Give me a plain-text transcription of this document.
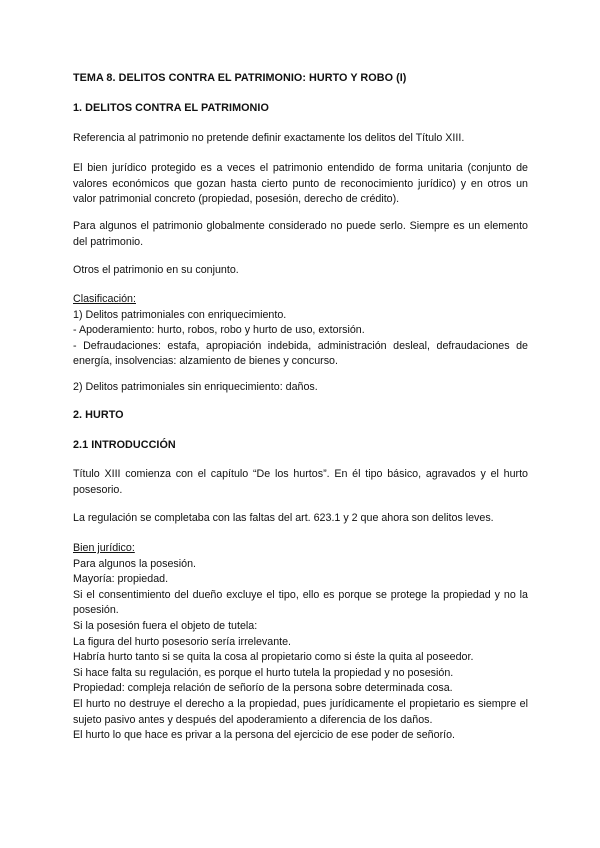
TEMA 8. DELITOS CONTRA EL PATRIMONIO: HURTO Y ROBO (I)

1. DELITOS CONTRA EL PATRIMONIO

Referencia al patrimonio no pretende definir exactamente los delitos del Título XIII.

El bien jurídico protegido es a veces el patrimonio entendido de forma unitaria (conjunto de valores económicos que gozan hasta cierto punto de reconocimiento jurídico) y en otros un valor patrimonial concreto (propiedad, posesión, derecho de crédito).

Para algunos el patrimonio globalmente considerado no puede serlo. Siempre es un elemento del patrimonio.

Otros el patrimonio en su conjunto.

Clasificación:
1) Delitos patrimoniales con enriquecimiento.
- Apoderamiento: hurto, robos, robo y hurto de uso, extorsión.
- Defraudaciones: estafa, apropiación indebida, administración desleal, defraudaciones de energía, insolvencias: alzamiento de bienes y concurso.

2) Delitos patrimoniales sin enriquecimiento: daños.

2. HURTO

2.1 INTRODUCCIÓN

Título XIII comienza con el capítulo “De los hurtos”. En él tipo básico, agravados y el hurto posesorio.

La regulación se completaba con las faltas del art. 623.1 y 2 que ahora son delitos leves.

Bien jurídico:
Para algunos la posesión.
Mayoría: propiedad.
Si el consentimiento del dueño excluye el tipo, ello es porque se protege la propiedad y no la posesión.
Si la posesión fuera el objeto de tutela:
La figura del hurto posesorio sería irrelevante.
Habría hurto tanto si se quita la cosa al propietario como si éste la quita al poseedor.
Si hace falta su regulación, es porque el hurto tutela la propiedad y no posesión.
Propiedad: compleja relación de señorío de la persona sobre determinada cosa.
El hurto no destruye el derecho a la propiedad, pues jurídicamente el propietario es siempre el sujeto pasivo antes y después del apoderamiento a diferencia de los daños.
El hurto lo que hace es privar a la persona del ejercicio de ese poder de señorío.
